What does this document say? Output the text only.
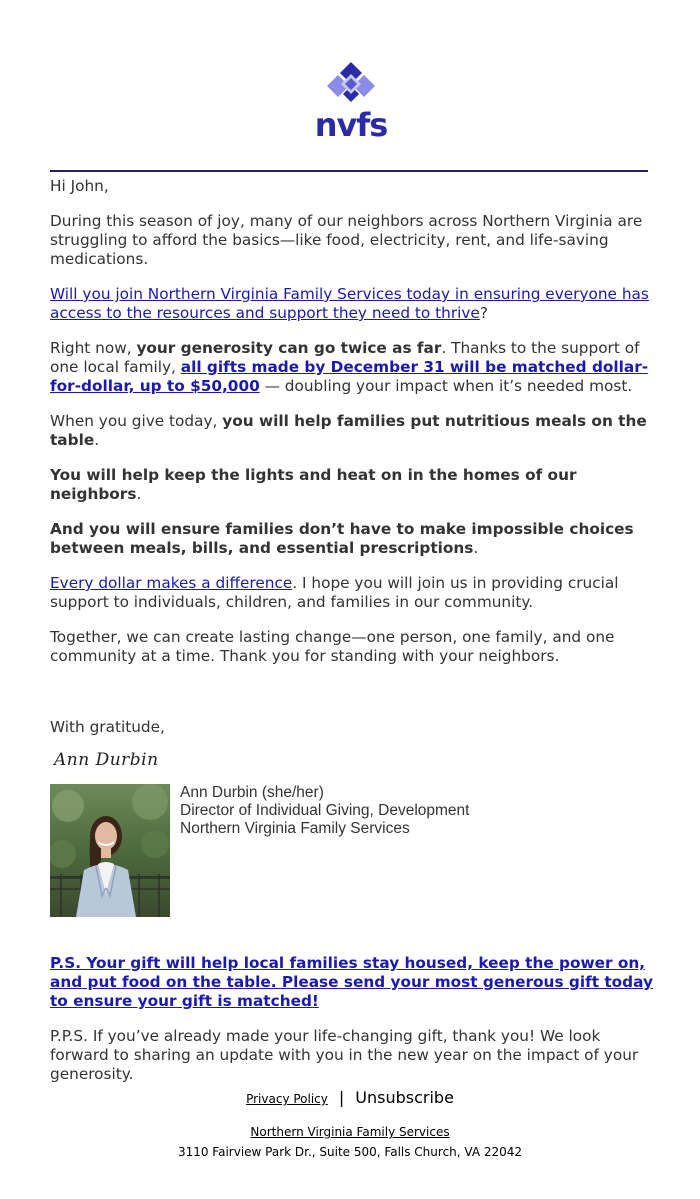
nvfs

Hi John,

During this season of joy, many of our neighbors across Northern Virginia are struggling to afford the basics—like food, electricity, rent, and life-saving medications.

Will you join Northern Virginia Family Services today in ensuring everyone has access to the resources and support they need to thrive?

Right now, your generosity can go twice as far. Thanks to the support of one local family, all gifts made by December 31 will be matched dollar-for-dollar, up to $50,000 — doubling your impact when it’s needed most.

When you give today, you will help families put nutritious meals on the table.

You will help keep the lights and heat on in the homes of our neighbors.

And you will ensure families don’t have to make impossible choices between meals, bills, and essential prescriptions.

Every dollar makes a difference. I hope you will join us in providing crucial support to individuals, children, and families in our community.

Together, we can create lasting change—one person, one family, and one community at a time. Thank you for standing with your neighbors.

With gratitude,

Ann Durbin
Ann Durbin (she/her)
Director of Individual Giving, Development
Northern Virginia Family Services

P.S. Your gift will help local families stay housed, keep the power on, and put food on the table. Please send your most generous gift today to ensure your gift is matched!

P.P.S. If you’ve already made your life-changing gift, thank you! We look forward to sharing an update with you in the new year on the impact of your generosity.

Privacy Policy | Unsubscribe
Northern Virginia Family Services
3110 Fairview Park Dr., Suite 500, Falls Church, VA 22042
